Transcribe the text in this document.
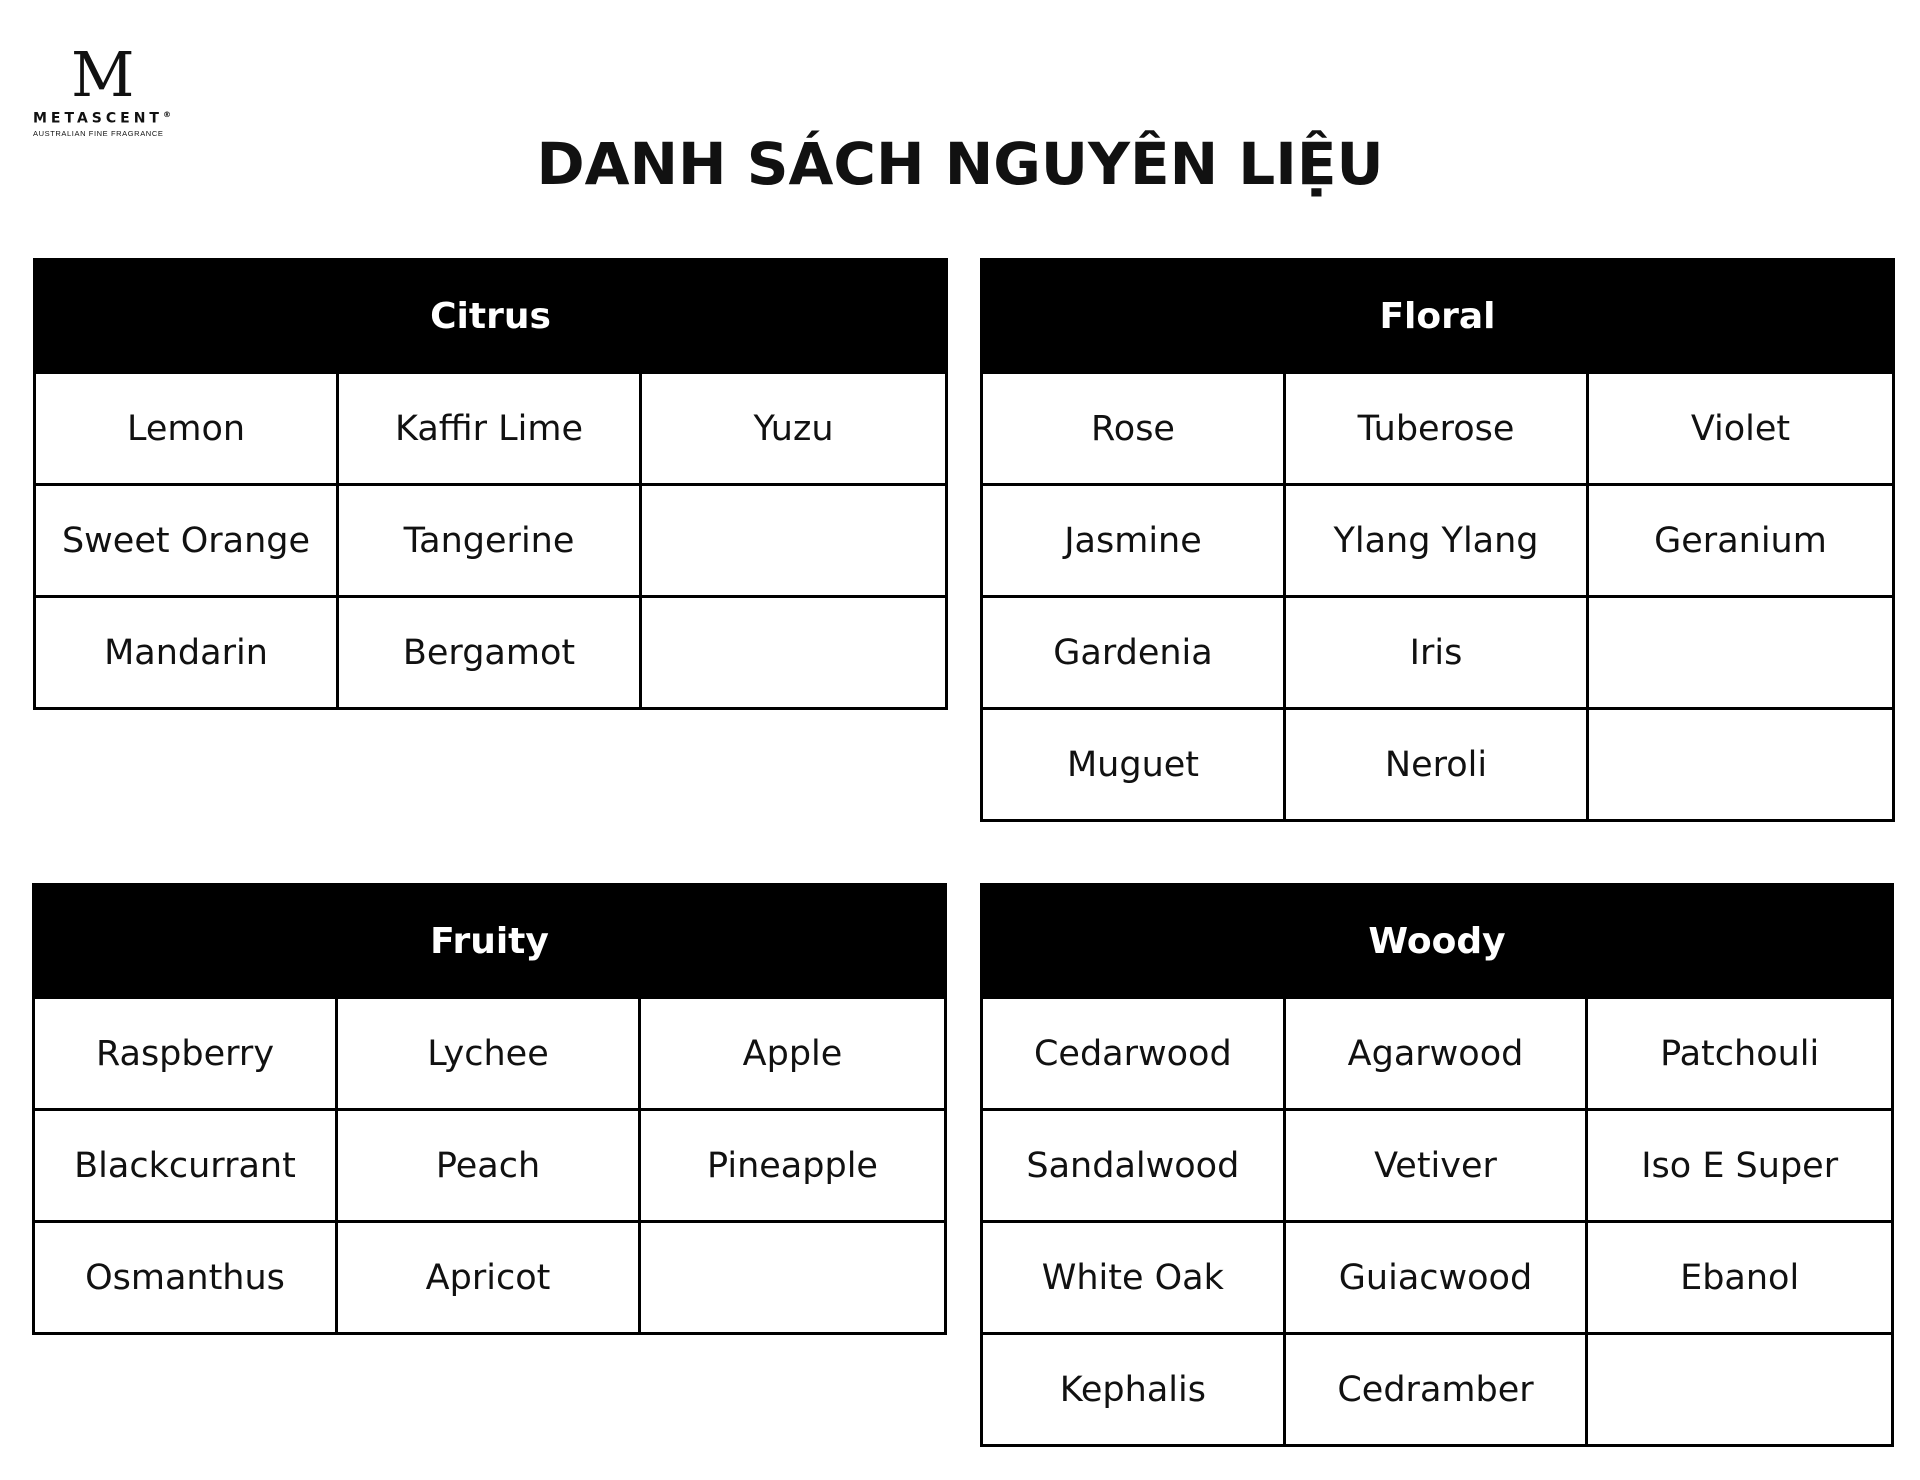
M
METASCENT®
AUSTRALIAN FINE FRAGRANCE	DANH SÁCH NGUYÊN LIỆU
Citrus
Lemon	Kaffir Lime	Yuzu
Sweet Orange	Tangerine
Mandarin	Bergamot
Floral
Rose	Tuberose	Violet
Jasmine	Ylang Ylang	Geranium
Gardenia	Iris
Muguet	Neroli
Fruity
Raspberry	Lychee	Apple
Blackcurrant	Peach	Pineapple
Osmanthus	Apricot
Woody
Cedarwood	Agarwood	Patchouli
Sandalwood	Vetiver	Iso E Super
White Oak	Guiacwood	Ebanol
Kephalis	Cedramber
